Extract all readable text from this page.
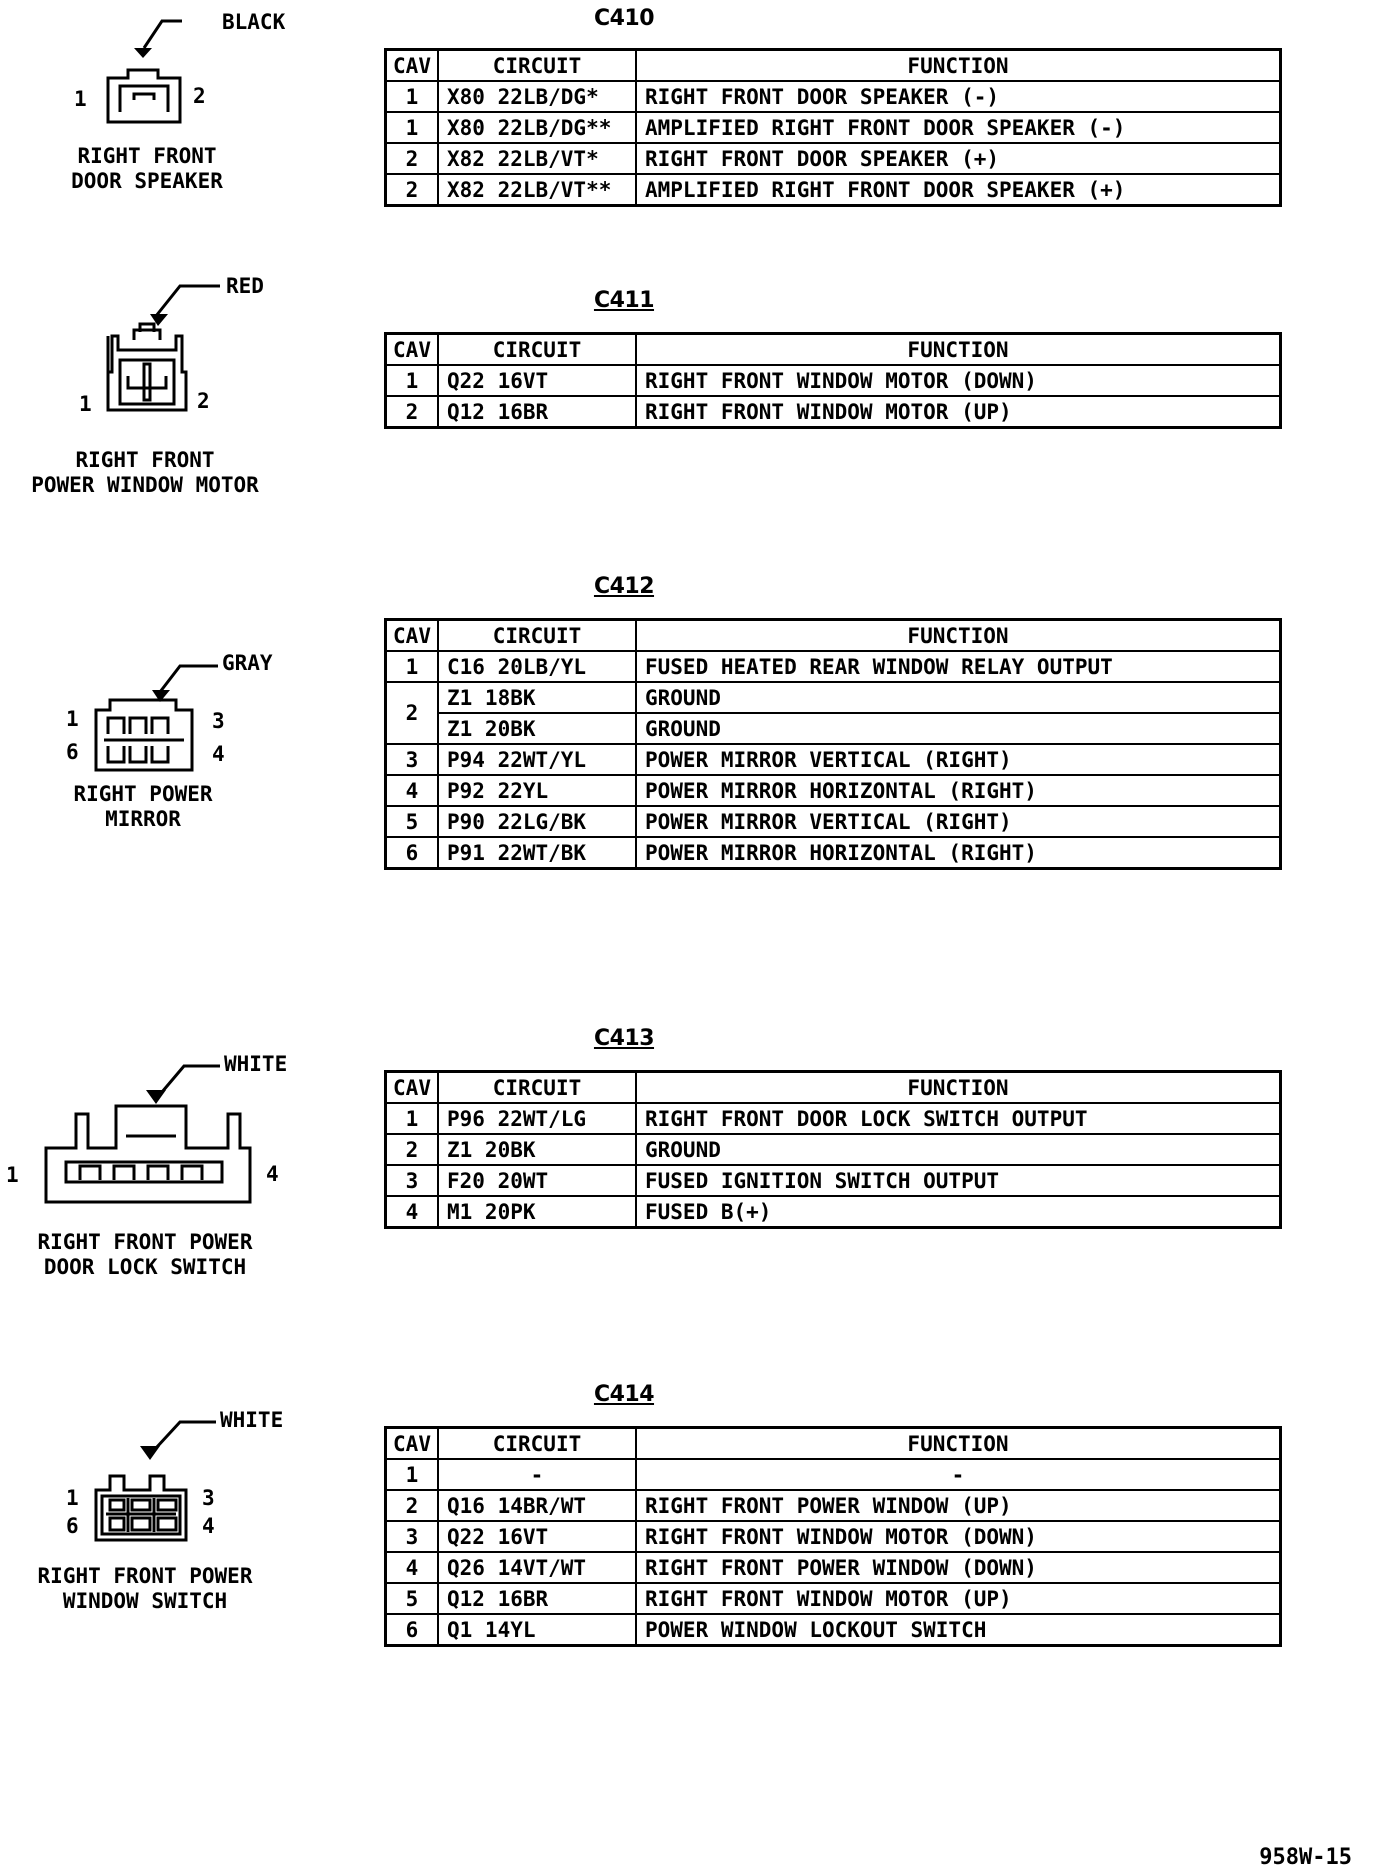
BLACK
1	2
RIGHT FRONT
DOOR SPEAKER
C410
CAV	CIRCUIT	FUNCTION
1	X80 22LB/DG*	RIGHT FRONT DOOR SPEAKER (-)
1	X80 22LB/DG**	AMPLIFIED RIGHT FRONT DOOR SPEAKER (-)
2	X82 22LB/VT*	RIGHT FRONT DOOR SPEAKER (+)
2	X82 22LB/VT**	AMPLIFIED RIGHT FRONT DOOR SPEAKER (+)
RED
1	2
RIGHT FRONT
POWER WINDOW MOTOR
C411
CAV	CIRCUIT	FUNCTION
1	Q22 16VT	RIGHT FRONT WINDOW MOTOR (DOWN)
2	Q12 16BR	RIGHT FRONT WINDOW MOTOR (UP)
GRAY
1	3
6	4
RIGHT POWER
MIRROR
C412
CAV	CIRCUIT	FUNCTION
1	C16 20LB/YL	FUSED HEATED REAR WINDOW RELAY OUTPUT
2	Z1 18BK	GROUND
	Z1 20BK	GROUND
3	P94 22WT/YL	POWER MIRROR VERTICAL (RIGHT)
4	P92 22YL	POWER MIRROR HORIZONTAL (RIGHT)
5	P90 22LG/BK	POWER MIRROR VERTICAL (RIGHT)
6	P91 22WT/BK	POWER MIRROR HORIZONTAL (RIGHT)
WHITE
1	4
RIGHT FRONT POWER
DOOR LOCK SWITCH
C413
CAV	CIRCUIT	FUNCTION
1	P96 22WT/LG	RIGHT FRONT DOOR LOCK SWITCH OUTPUT
2	Z1 20BK	GROUND
3	F20 20WT	FUSED IGNITION SWITCH OUTPUT
4	M1 20PK	FUSED B(+)
WHITE
1	3
6	4
RIGHT FRONT POWER
WINDOW SWITCH
C414
CAV	CIRCUIT	FUNCTION
1	-	-
2	Q16 14BR/WT	RIGHT FRONT POWER WINDOW (UP)
3	Q22 16VT	RIGHT FRONT WINDOW MOTOR (DOWN)
4	Q26 14VT/WT	RIGHT FRONT POWER WINDOW (DOWN)
5	Q12 16BR	RIGHT FRONT WINDOW MOTOR (UP)
6	Q1 14YL	POWER WINDOW LOCKOUT SWITCH
958W-15
